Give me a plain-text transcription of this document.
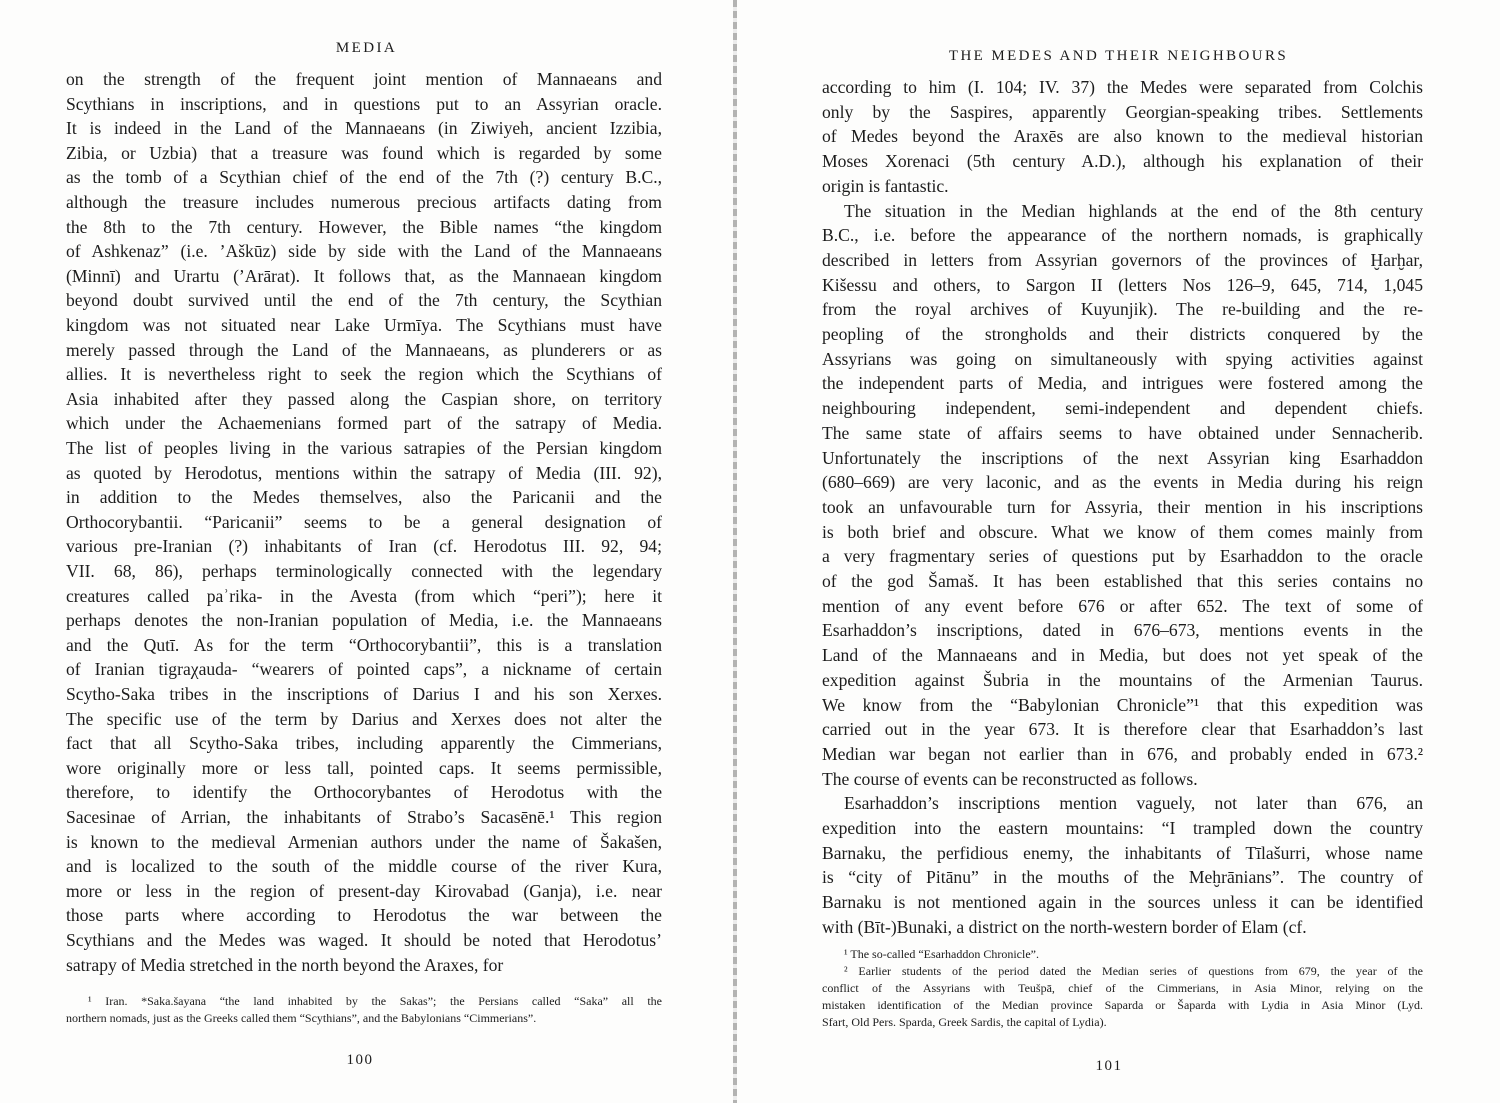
MEDIA
on the strength of the frequent joint mention of Mannaeans and
Scythians in inscriptions, and in questions put to an Assyrian oracle.
It is indeed in the Land of the Mannaeans (in Ziwiyeh, ancient Izzibia,
Zibia, or Uzbia) that a treasure was found which is regarded by some
as the tomb of a Scythian chief of the end of the 7th (?) century B.C.,
although the treasure includes numerous precious artifacts dating from
the 8th to the 7th century. However, the Bible names “the kingdom
of Ashkenaz” (i.e. ʼAškūz) side by side with the Land of the Mannaeans
(Minnī) and Urartu (ʼArārat). It follows that, as the Mannaean kingdom
beyond doubt survived until the end of the 7th century, the Scythian
kingdom was not situated near Lake Urmīya. The Scythians must have
merely passed through the Land of the Mannaeans, as plunderers or as
allies. It is nevertheless right to seek the region which the Scythians of
Asia inhabited after they passed along the Caspian shore, on territory
which under the Achaemenians formed part of the satrapy of Media.
The list of peoples living in the various satrapies of the Persian kingdom
as quoted by Herodotus, mentions within the satrapy of Media (III. 92),
in addition to the Medes themselves, also the Paricanii and the
Orthocorybantii. “Paricanii” seems to be a general designation of
various pre-Iranian (?) inhabitants of Iran (cf. Herodotus III. 92, 94;
VII. 68, 86), perhaps terminologically connected with the legendary
creatures called paʾrika- in the Avesta (from which “peri”); here it
perhaps denotes the non-Iranian population of Media, i.e. the Mannaeans
and the Qutī. As for the term “Orthocorybantii”, this is a translation
of Iranian tigraχauda- “wearers of pointed caps”, a nickname of certain
Scytho-Saka tribes in the inscriptions of Darius I and his son Xerxes.
The specific use of the term by Darius and Xerxes does not alter the
fact that all Scytho-Saka tribes, including apparently the Cimmerians,
wore originally more or less tall, pointed caps. It seems permissible,
therefore, to identify the Orthocorybantes of Herodotus with the
Sacesinae of Arrian, the inhabitants of Strabo’s Sacasēnē.¹ This region
is known to the medieval Armenian authors under the name of Šakašen,
and is localized to the south of the middle course of the river Kura,
more or less in the region of present-day Kirovabad (Ganja), i.e. near
those parts where according to Herodotus the war between the
Scythians and the Medes was waged. It should be noted that Herodotus’
satrapy of Media stretched in the north beyond the Araxes, for
¹ Iran. *Saka.šayana “the land inhabited by the Sakas”; the Persians called “Saka” all the
northern nomads, just as the Greeks called them “Scythians”, and the Babylonians “Cimmerians”.
100
THE MEDES AND THEIR NEIGHBOURS
according to him (I. 104; IV. 37) the Medes were separated from Colchis
only by the Saspires, apparently Georgian-speaking tribes. Settlements
of Medes beyond the Araxēs are also known to the medieval historian
Moses Xorenaci (5th century A.D.), although his explanation of their
origin is fantastic.
The situation in the Median highlands at the end of the 8th century
B.C., i.e. before the appearance of the northern nomads, is graphically
described in letters from Assyrian governors of the provinces of Ḫarḫar,
Kišessu and others, to Sargon II (letters Nos 126–9, 645, 714, 1,045
from the royal archives of Kuyunjik). The re-building and the re-
peopling of the strongholds and their districts conquered by the
Assyrians was going on simultaneously with spying activities against
the independent parts of Media, and intrigues were fostered among the
neighbouring independent, semi-independent and dependent chiefs.
The same state of affairs seems to have obtained under Sennacherib.
Unfortunately the inscriptions of the next Assyrian king Esarhaddon
(680–669) are very laconic, and as the events in Media during his reign
took an unfavourable turn for Assyria, their mention in his inscriptions
is both brief and obscure. What we know of them comes mainly from
a very fragmentary series of questions put by Esarhaddon to the oracle
of the god Šamaš. It has been established that this series contains no
mention of any event before 676 or after 652. The text of some of
Esarhaddon’s inscriptions, dated in 676–673, mentions events in the
Land of the Mannaeans and in Media, but does not yet speak of the
expedition against Šubria in the mountains of the Armenian Taurus.
We know from the “Babylonian Chronicle”¹ that this expedition was
carried out in the year 673. It is therefore clear that Esarhaddon’s last
Median war began not earlier than in 676, and probably ended in 673.²
The course of events can be reconstructed as follows.
Esarhaddon’s inscriptions mention vaguely, not later than 676, an
expedition into the eastern mountains: “I trampled down the country
Barnaku, the perfidious enemy, the inhabitants of Tīlašurri, whose name
is “city of Pitānu” in the mouths of the Meḫrānians”. The country of
Barnaku is not mentioned again in the sources unless it can be identified
with (Bīt-)Bunaki, a district on the north-western border of Elam (cf.
¹ The so-called “Esarhaddon Chronicle”.
² Earlier students of the period dated the Median series of questions from 679, the year of the
conflict of the Assyrians with Teušpā, chief of the Cimmerians, in Asia Minor, relying on the
mistaken identification of the Median province Saparda or Šaparda with Lydia in Asia Minor (Lyd.
Sfart, Old Pers. Sparda, Greek Sardis, the capital of Lydia).
101
